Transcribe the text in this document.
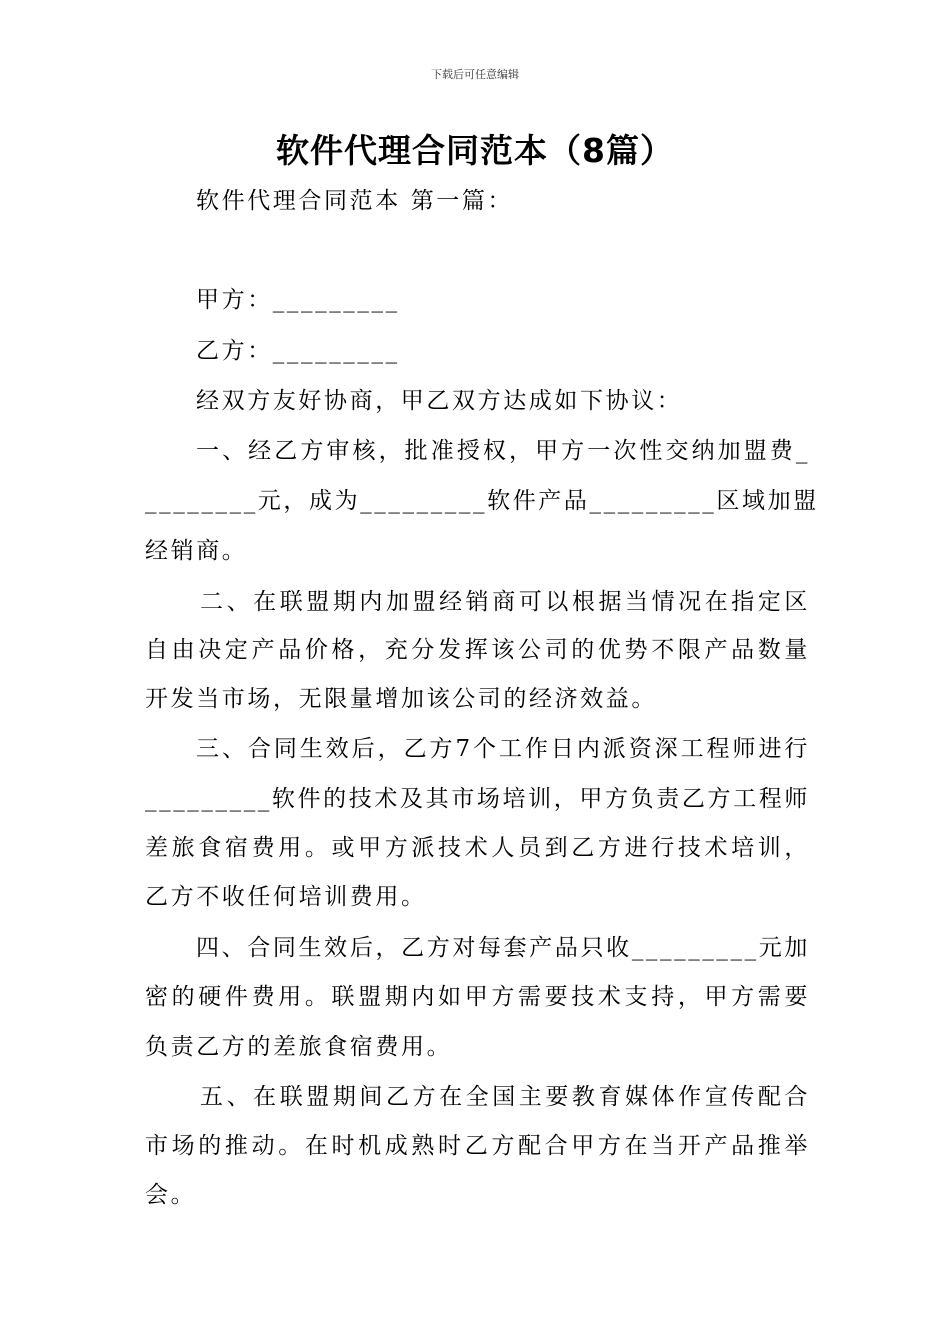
下载后可任意编辑
软件代理合同范本（8篇）

软件代理合同范本 第一篇：

甲方：_________

乙方：_________

经双方友好协商，甲乙双方达成如下协议：

一、经乙方审核，批准授权，甲方一次性交纳加盟费_

________元，成为_________软件产品_________区域加盟

经销商。

二、在联盟期内加盟经销商可以根据当情况在指定区

自由决定产品价格，充分发挥该公司的优势不限产品数量

开发当市场，无限量增加该公司的经济效益。

三、合同生效后，乙方7个工作日内派资深工程师进行

_________软件的技术及其市场培训，甲方负责乙方工程师

差旅食宿费用。或甲方派技术人员到乙方进行技术培训，

乙方不收任何培训费用。

四、合同生效后，乙方对每套产品只收_________元加

密的硬件费用。联盟期内如甲方需要技术支持，甲方需要

负责乙方的差旅食宿费用。

五、在联盟期间乙方在全国主要教育媒体作宣传配合

市场的推动。在时机成熟时乙方配合甲方在当开产品推举

会。
